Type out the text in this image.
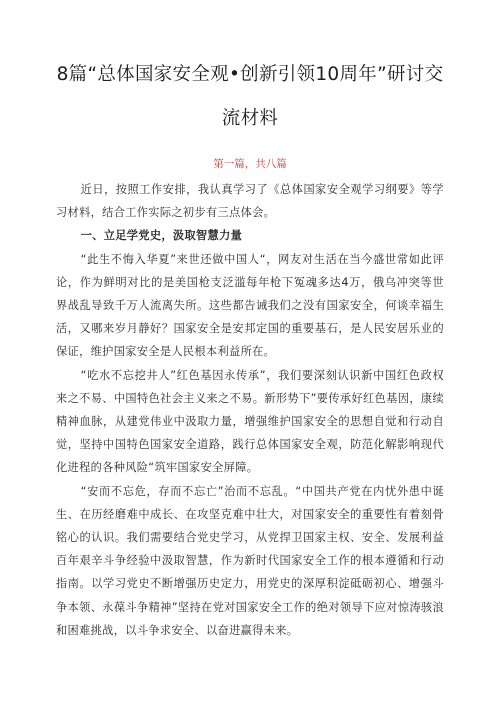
8篇“总体国家安全观•创新引领10周年”研讨交
流材料
第一篇，共八篇

近日，按照工作安排，我认真学习了《总体国家安全观学习纲要》等学习材料，结合工作实际之初步有三点体会。

一、立足学党史，汲取智慧力量

“此生不悔入华夏”来世还做中国人“，网友对生活在当今盛世常如此评论，作为鲜明对比的是美国枪支泛滥每年枪下冤魂多达4万，俄乌冲突等世界战乱导致千万人流离失所。这些都告诫我们之没有国家安全，何谈幸福生活，又哪来岁月静好？国家安全是安邦定国的重要基石，是人民安居乐业的保证，维护国家安全是人民根本利益所在。

“吃水不忘挖井人”红色基因永传承”，我们要深刻认识新中国红色政权来之不易、中国特色社会主义来之不易。新形势下”要传承好红色基因，康续精神血脉，从建党伟业中汲取力量，增强维护国家安全的思想自觉和行动自觉，坚持中国特色国家安全道路，践行总体国家安全观，防范化解影响现代化进程的各种风险“筑牢国家安全屏障。

“安而不忘危，存而不忘亡”治而不忘乱。“中国共产党在内忧外患中诞生、在历经磨难中成长、在攻坚克难中壮大，对国家安全的重要性有着刻骨铭心的认识。我们需要结合党史学习，从党捍卫国家主权、安全、发展利益百年艰辛斗争经验中汲取智慧，作为新时代国家安全工作的根本遵循和行动指南。以学习党史不断增强历史定力，用党史的深厚积淀砥砺初心、增强斗争本领、永葆斗争精神”坚持在党对国家安全工作的绝对领导下应对惊涛骇浪和困难挑战，以斗争求安全、以奋进赢得未来。
